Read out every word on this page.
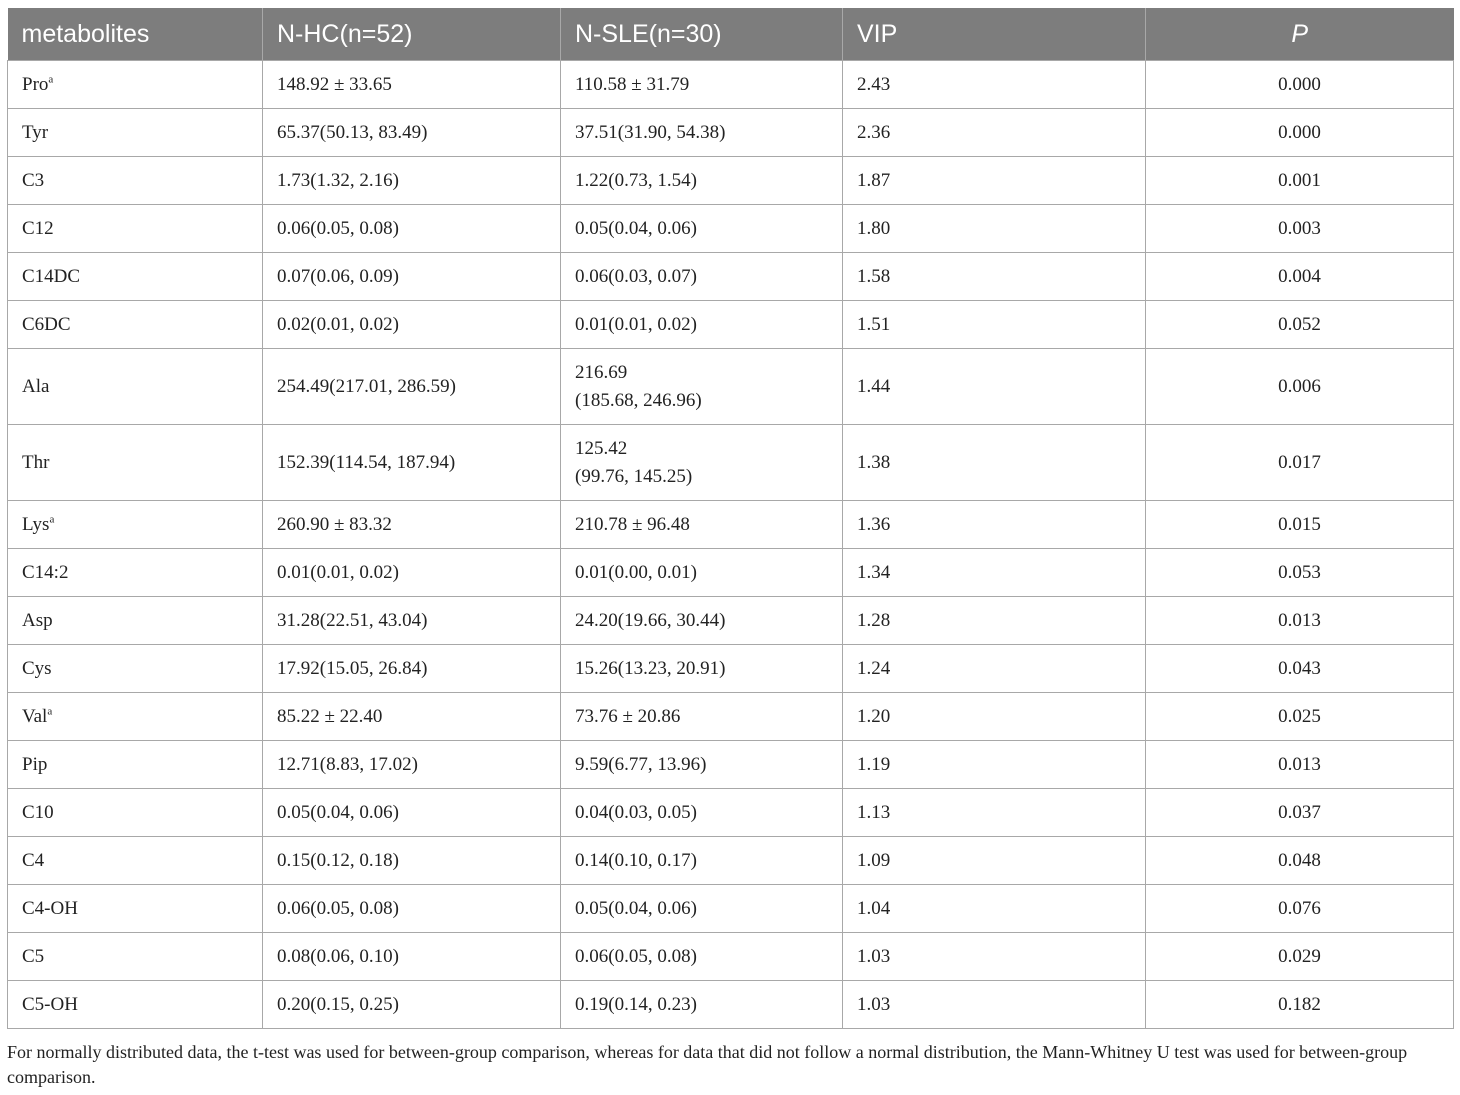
metabolites	N-HC(n=52)	N-SLE(n=30)	VIP	P
Pro$^a$	148.92 ± 33.65	110.58 ± 31.79	2.43	0.000
Tyr	65.37(50.13, 83.49)	37.51(31.90, 54.38)	2.36	0.000
C3	1.73(1.32, 2.16)	1.22(0.73, 1.54)	1.87	0.001
C12	0.06(0.05, 0.08)	0.05(0.04, 0.06)	1.80	0.003
C14DC	0.07(0.06, 0.09)	0.06(0.03, 0.07)	1.58	0.004
C6DC	0.02(0.01, 0.02)	0.01(0.01, 0.02)	1.51	0.052
Ala	254.49(217.01, 286.59)	216.69
(185.68, 246.96)	1.44	0.006
Thr	152.39(114.54, 187.94)	125.42
(99.76, 145.25)	1.38	0.017
Lys$^a$	260.90 ± 83.32	210.78 ± 96.48	1.36	0.015
C14:2	0.01(0.01, 0.02)	0.01(0.00, 0.01)	1.34	0.053
Asp	31.28(22.51, 43.04)	24.20(19.66, 30.44)	1.28	0.013
Cys	17.92(15.05, 26.84)	15.26(13.23, 20.91)	1.24	0.043
Val$^a$	85.22 ± 22.40	73.76 ± 20.86	1.20	0.025
Pip	12.71(8.83, 17.02)	9.59(6.77, 13.96)	1.19	0.013
C10	0.05(0.04, 0.06)	0.04(0.03, 0.05)	1.13	0.037
C4	0.15(0.12, 0.18)	0.14(0.10, 0.17)	1.09	0.048
C4-OH	0.06(0.05, 0.08)	0.05(0.04, 0.06)	1.04	0.076
C5	0.08(0.06, 0.10)	0.06(0.05, 0.08)	1.03	0.029
C5-OH	0.20(0.15, 0.25)	0.19(0.14, 0.23)	1.03	0.182
For normally distributed data, the t-test was used for between-group comparison, whereas for data that did not follow a normal distribution, the Mann-Whitney U test was used for between-group comparison.
